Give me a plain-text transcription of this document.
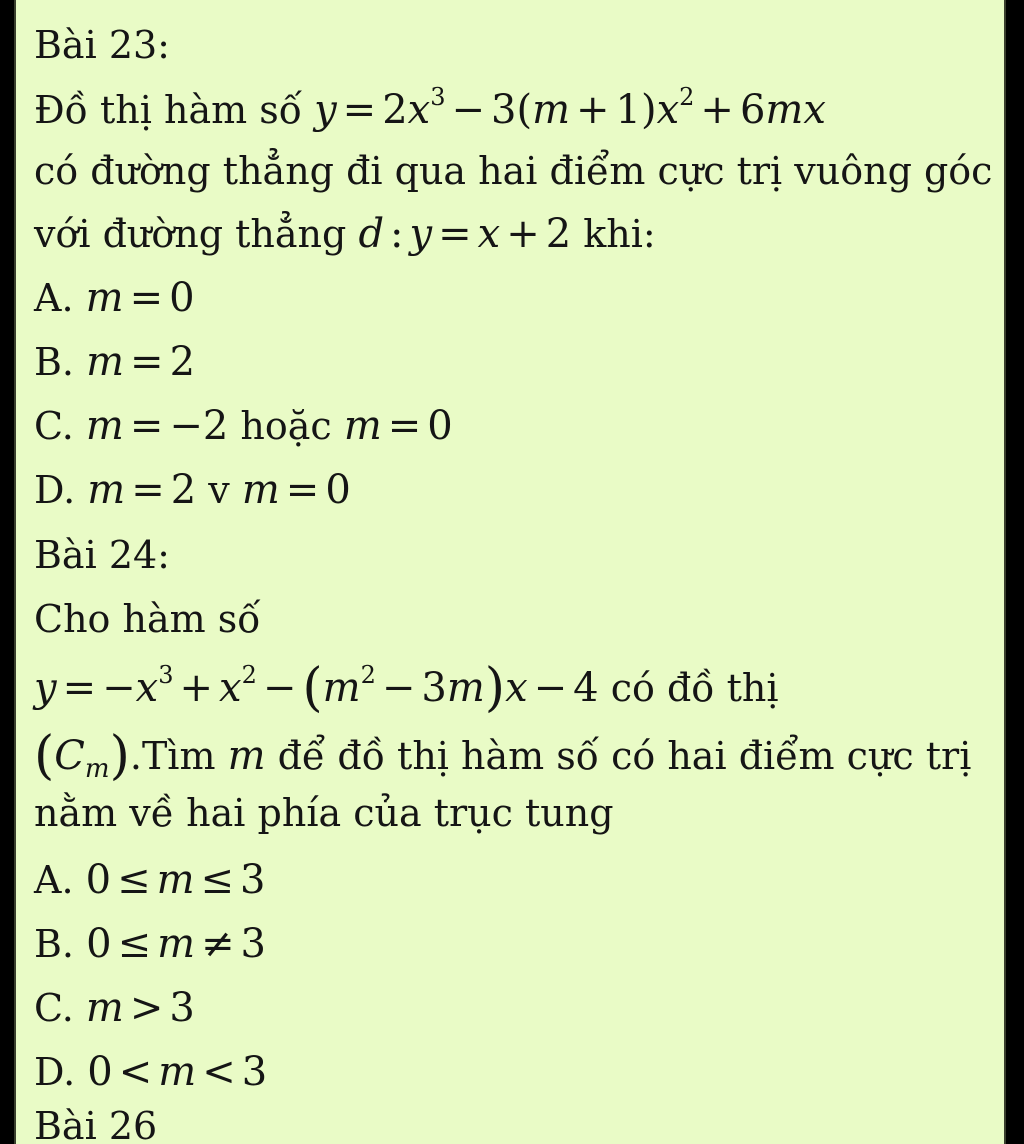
Bài 23:
Đồ thị hàm số $y = 2x^3 - 3(m + 1)x^2 + 6mx$
có đường thẳng đi qua hai điểm cực trị vuông góc
với đường thẳng d : y = x + 2 khi:
A. m = 0
B. m = 2
C. m = −2 hoặc m = 0
D. m = 2 v m = 0
Bài 24:
Cho hàm số
$y = -x^3 + x^2 - (m^2 - 3m)x - 4$ có đồ thị
$(C_m).Tìm$ m để đồ thị hàm số có hai điểm cực trị
nằm về hai phía của trục tung
A. 0 ≤ m ≤ 3
B. 0 ≤ m ≠ 3
C. m > 3
D. 0 < m < 3
Bài 26
